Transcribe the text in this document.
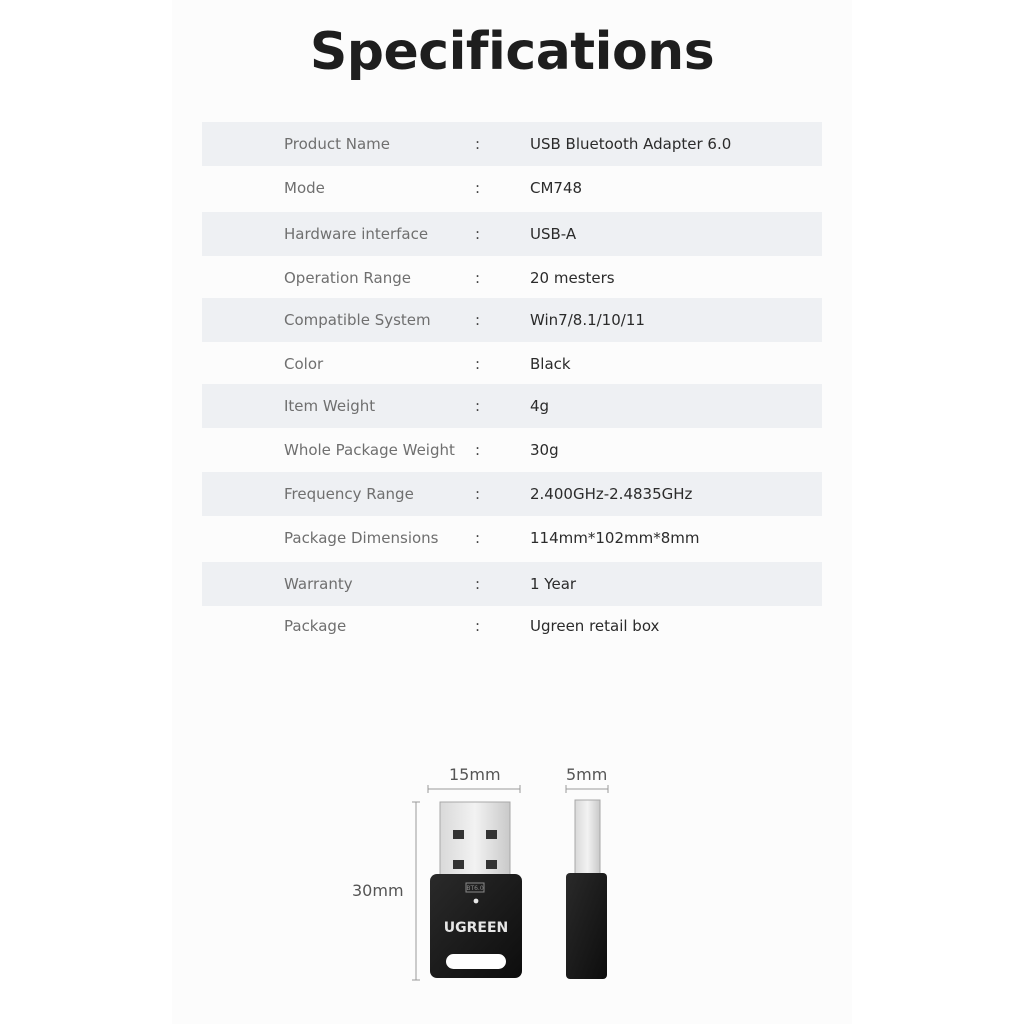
Specifications
Product Name	:	USB Bluetooth Adapter 6.0
Mode	:	CM748
Hardware interface	:	USB-A
Operation Range	:	20 mesters
Compatible System	:	Win7/8.1/10/11
Color	:	Black
Item Weight	:	4g
Whole Package Weight :	30g
Frequency Range	:	2.400GHz-2.4835GHz
Package Dimensions :	114mm*102mm*8mm
Warranty	:	1 Year
Package	:	Ugreen retail box
15mm	5mm
30mm	BT6.0
UGREEN
